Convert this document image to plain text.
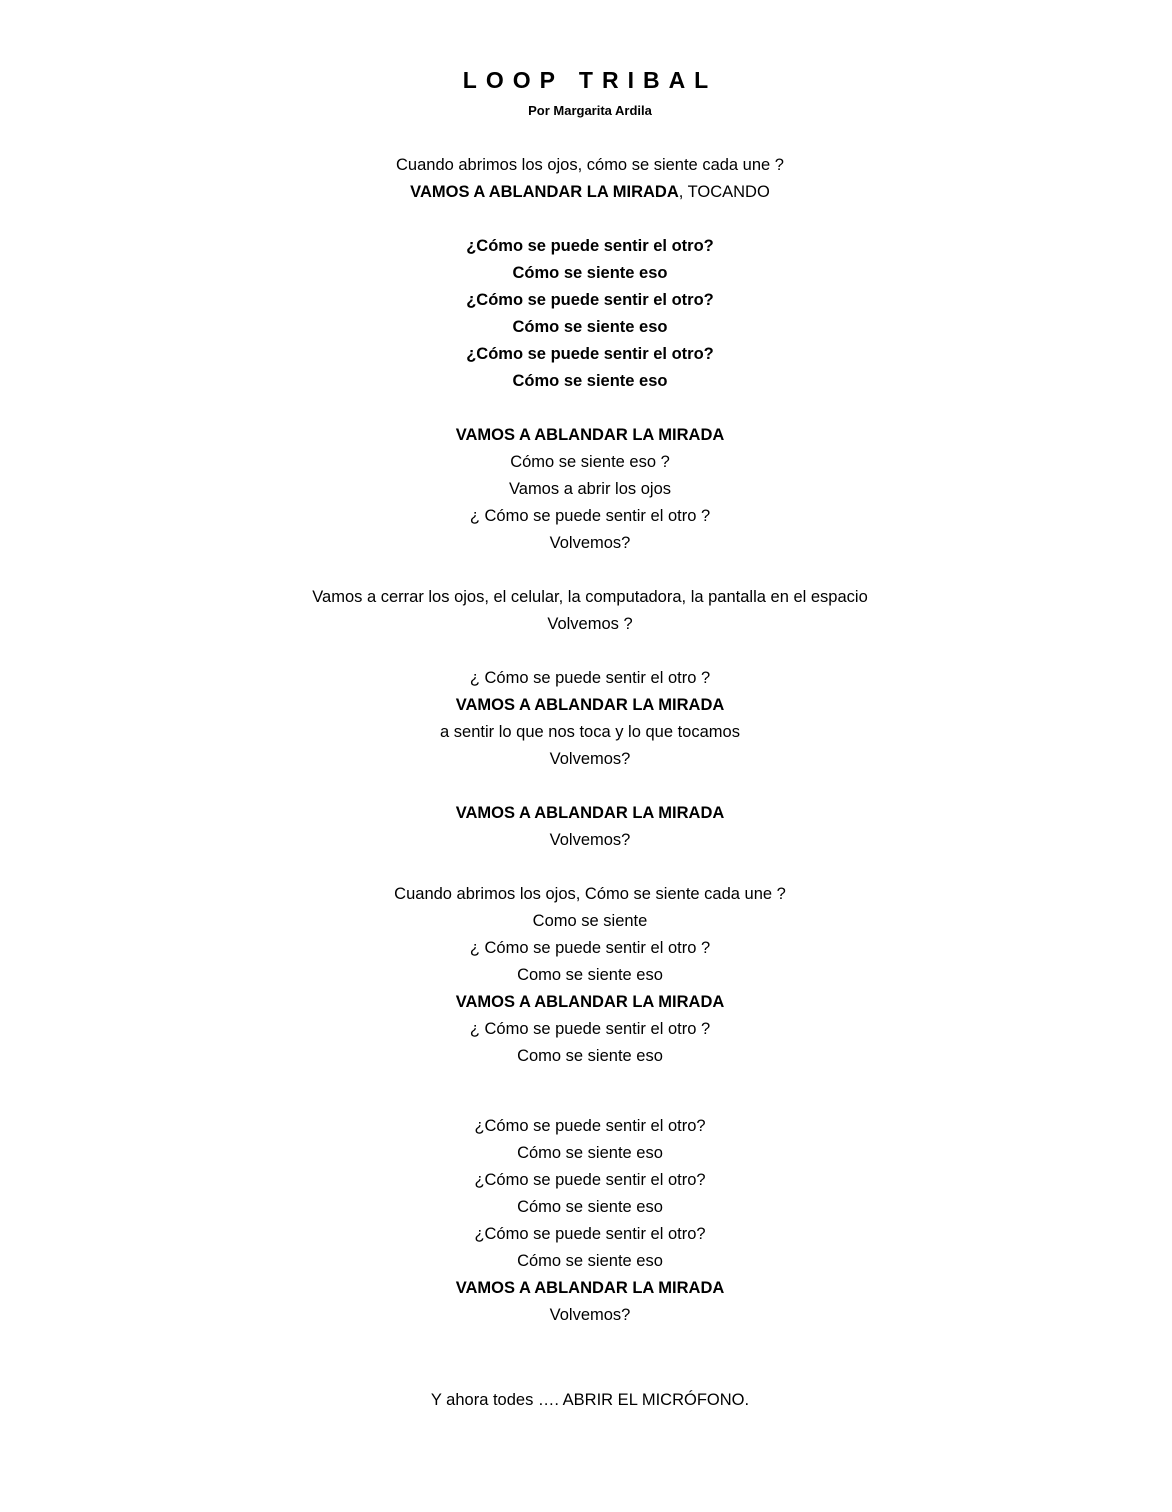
LOOP TRIBAL
Por Margarita Ardila
Cuando abrimos los ojos, cómo se siente cada une ?
VAMOS A ABLANDAR LA MIRADA, TOCANDO
¿Cómo se puede sentir el otro?
Cómo se siente eso
¿Cómo se puede sentir el otro?
Cómo se siente eso
¿Cómo se puede sentir el otro?
Cómo se siente eso
VAMOS A ABLANDAR LA MIRADA
Cómo se siente eso ?
Vamos a abrir los ojos
¿ Cómo se puede sentir el otro ?
Volvemos?
Vamos a cerrar los ojos, el celular, la computadora, la pantalla en el espacio
Volvemos ?
¿ Cómo se puede sentir el otro ?
VAMOS A ABLANDAR LA MIRADA
a sentir lo que nos toca y lo que tocamos
Volvemos?
VAMOS A ABLANDAR LA MIRADA
Volvemos?
Cuando abrimos los ojos, Cómo se siente cada une ?
Como se siente
¿ Cómo se puede sentir el otro ?
Como se siente eso
VAMOS A ABLANDAR LA MIRADA
¿ Cómo se puede sentir el otro ?
Como se siente eso
¿Cómo se puede sentir el otro?
Cómo se siente eso
¿Cómo se puede sentir el otro?
Cómo se siente eso
¿Cómo se puede sentir el otro?
Cómo se siente eso
VAMOS A ABLANDAR LA MIRADA
Volvemos?
Y ahora todes …. ABRIR EL MICRÓFONO.
